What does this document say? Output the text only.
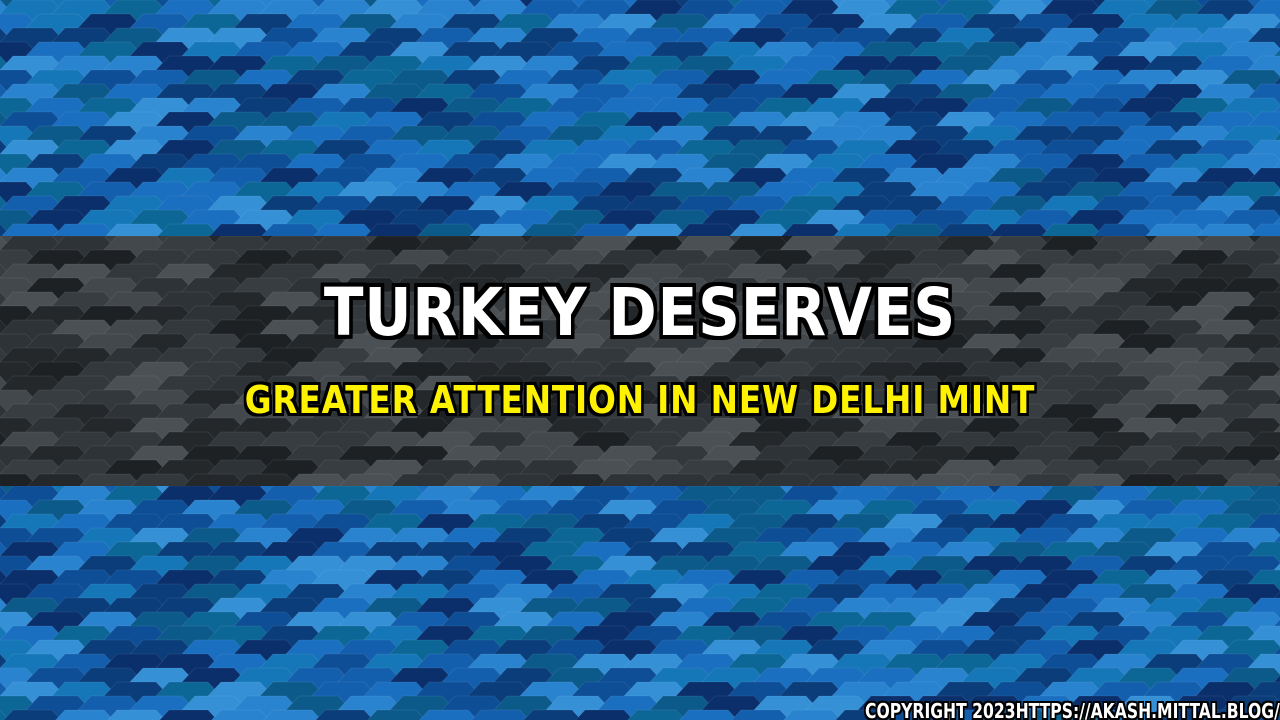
TURKEY DESERVES
GREATER ATTENTION IN NEW DELHI MINT
COPYRIGHT 2023HTTPS://AKASH.MITTAL.BLOG/
